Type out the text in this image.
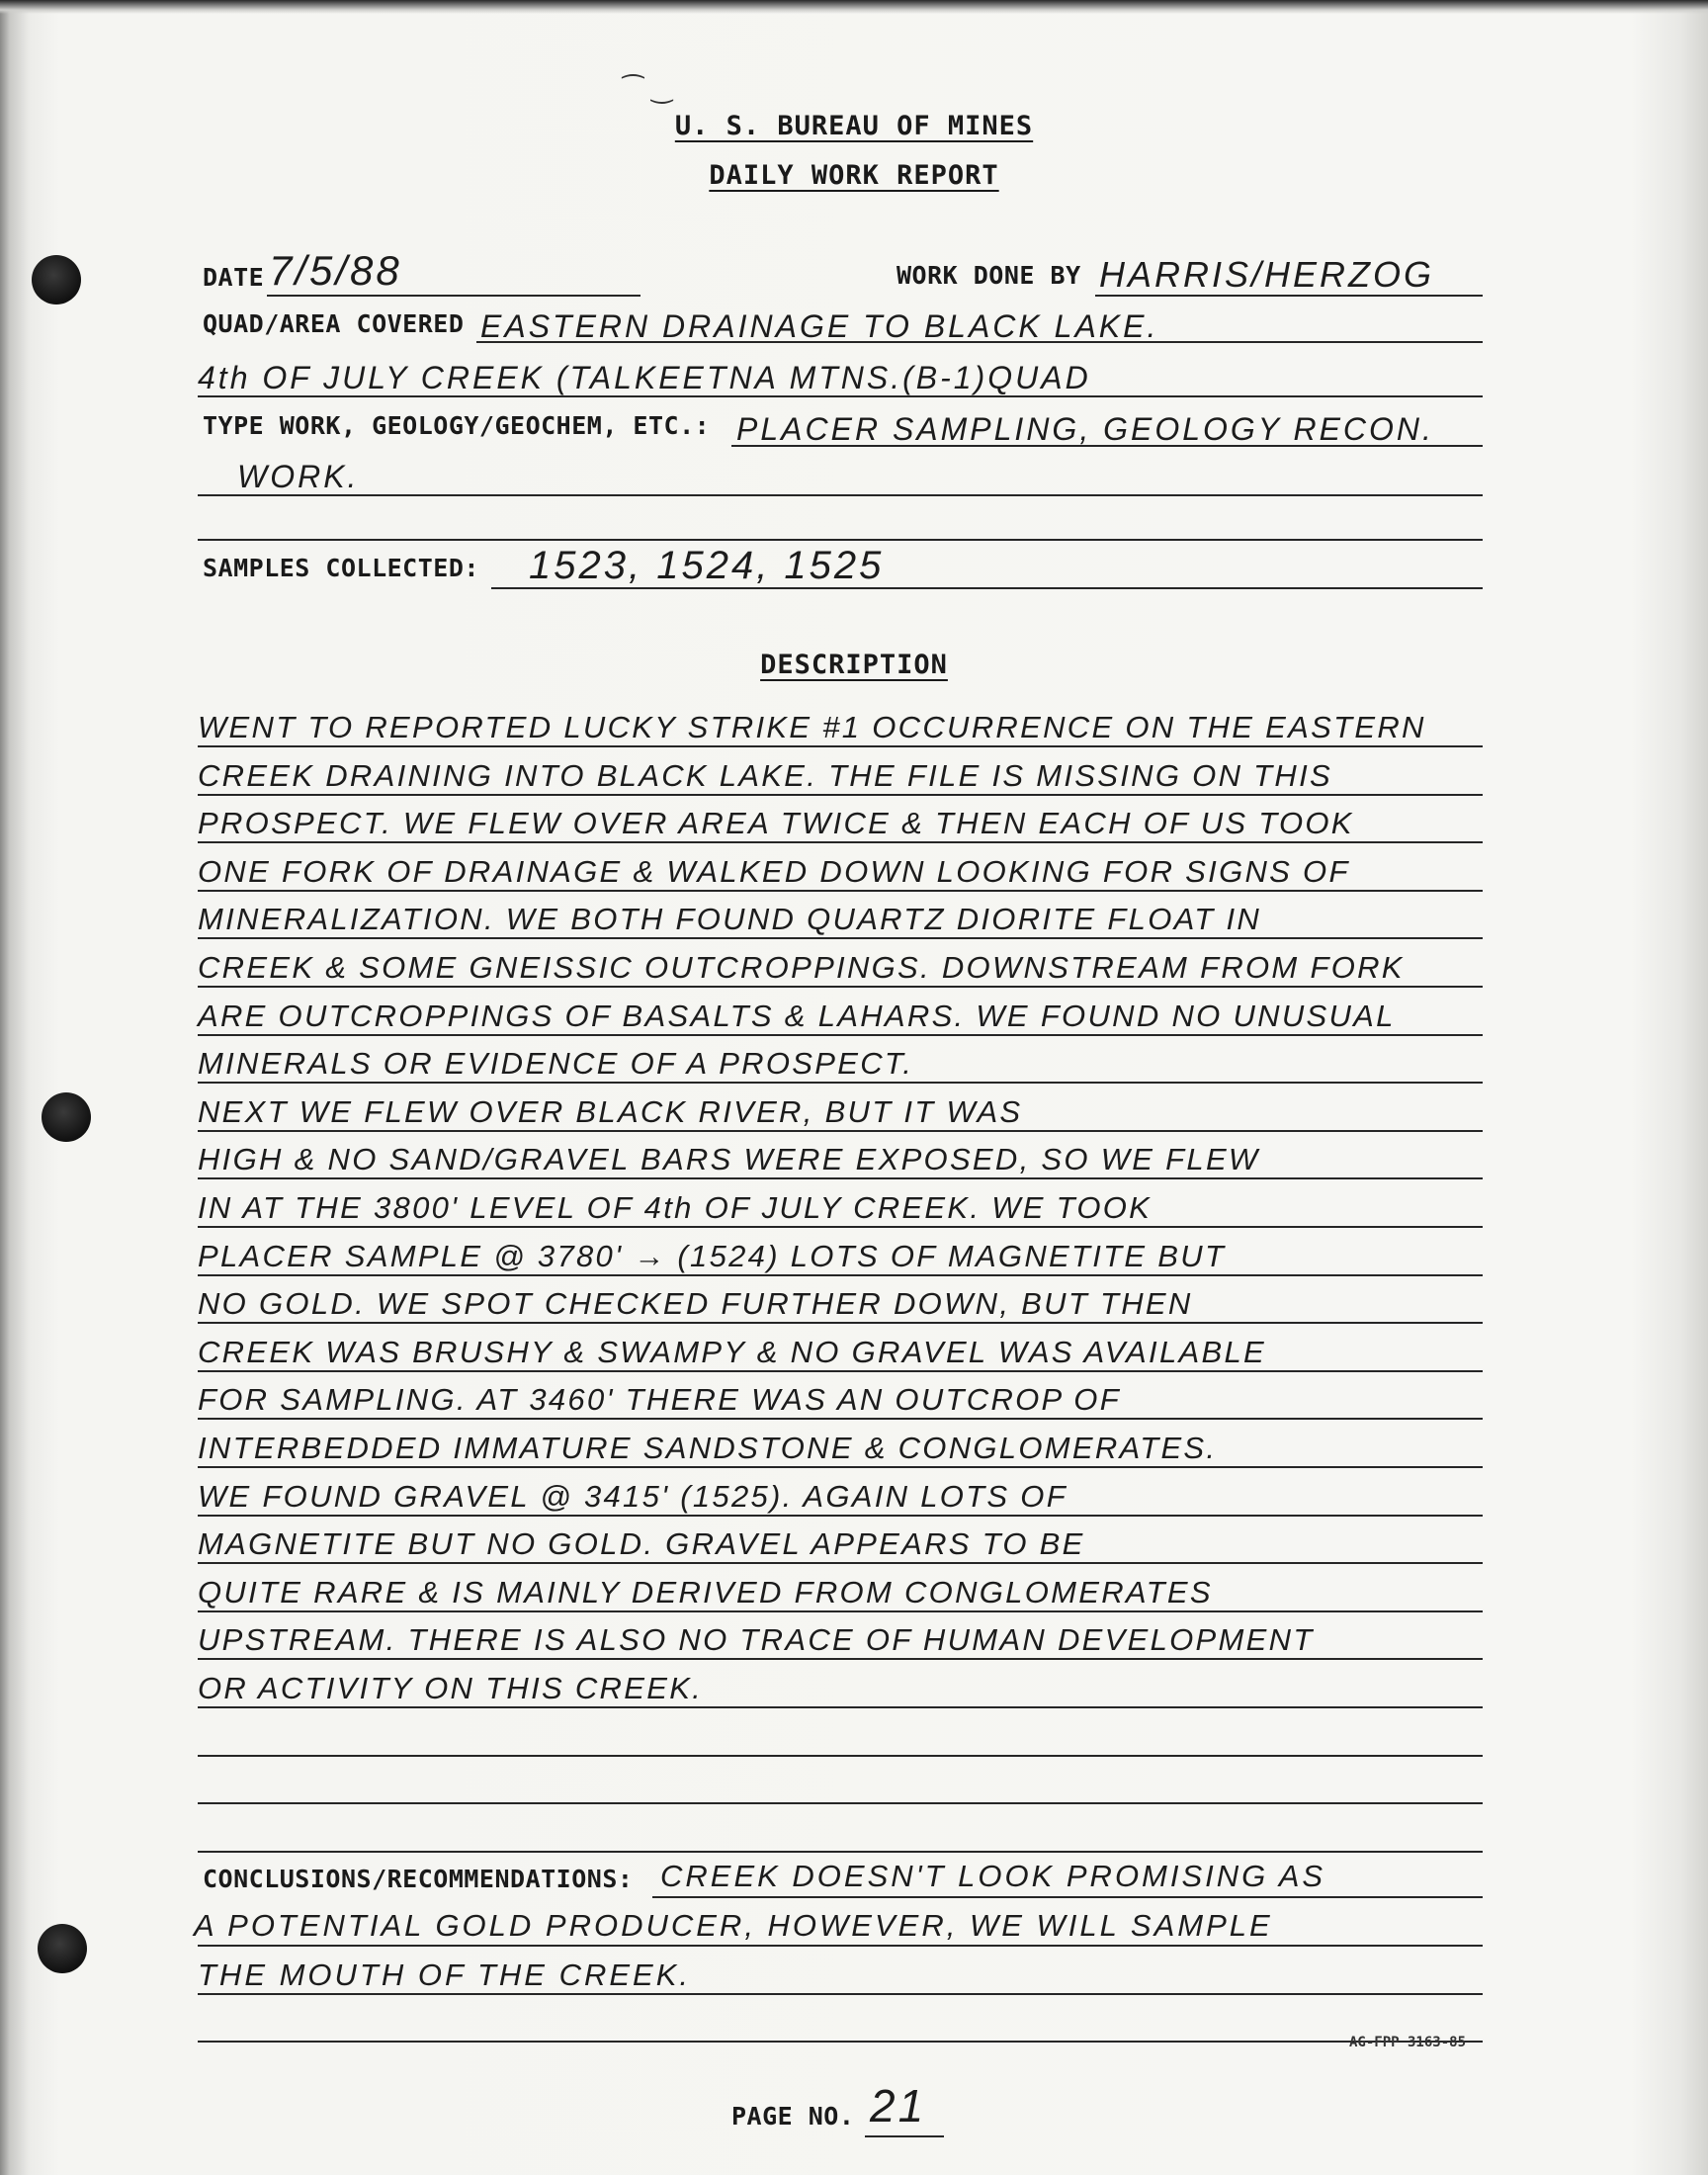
⁀ ‿
U. S. BUREAU OF MINES
DAILY WORK REPORT
DATE 7/5/88	WORK DONE BY HARRIS/HERZOG
QUAD/AREA COVERED EASTERN DRAINAGE TO BLACK LAKE.
4th OF JULY CREEK (TALKEETNA MTNS.(B-1)QUAD
TYPE WORK, GEOLOGY/GEOCHEM, ETC.: PLACER SAMPLING, GEOLOGY RECON.
WORK.
SAMPLES COLLECTED: 1523, 1524, 1525
DESCRIPTION
WENT TO REPORTED LUCKY STRIKE #1 OCCURRENCE ON THE EASTERN
CREEK DRAINING INTO BLACK LAKE. THE FILE IS MISSING ON THIS
PROSPECT. WE FLEW OVER AREA TWICE & THEN EACH OF US TOOK
ONE FORK OF DRAINAGE & WALKED DOWN LOOKING FOR SIGNS OF
MINERALIZATION. WE BOTH FOUND QUARTZ DIORITE FLOAT IN
CREEK & SOME GNEISSIC OUTCROPPINGS. DOWNSTREAM FROM FORK
ARE OUTCROPPINGS OF BASALTS & LAHARS. WE FOUND NO UNUSUAL
MINERALS OR EVIDENCE OF A PROSPECT.
NEXT WE FLEW OVER BLACK RIVER, BUT IT WAS
HIGH & NO SAND/GRAVEL BARS WERE EXPOSED, SO WE FLEW
IN AT THE 3800' LEVEL OF 4th OF JULY CREEK. WE TOOK
PLACER SAMPLE @ 3780' → (1524) LOTS OF MAGNETITE BUT
NO GOLD. WE SPOT CHECKED FURTHER DOWN, BUT THEN
CREEK WAS BRUSHY & SWAMPY & NO GRAVEL WAS AVAILABLE
FOR SAMPLING. AT 3460' THERE WAS AN OUTCROP OF
INTERBEDDED IMMATURE SANDSTONE & CONGLOMERATES.
WE FOUND GRAVEL @ 3415' (1525). AGAIN LOTS OF
MAGNETITE BUT NO GOLD. GRAVEL APPEARS TO BE
QUITE RARE & IS MAINLY DERIVED FROM CONGLOMERATES
UPSTREAM. THERE IS ALSO NO TRACE OF HUMAN DEVELOPMENT
OR ACTIVITY ON THIS CREEK.
CONCLUSIONS/RECOMMENDATIONS: CREEK DOESN'T LOOK PROMISING AS
A POTENTIAL GOLD PRODUCER, HOWEVER, WE WILL SAMPLE
THE MOUTH OF THE CREEK.
AG-FPP 3163-85
PAGE NO. 21
